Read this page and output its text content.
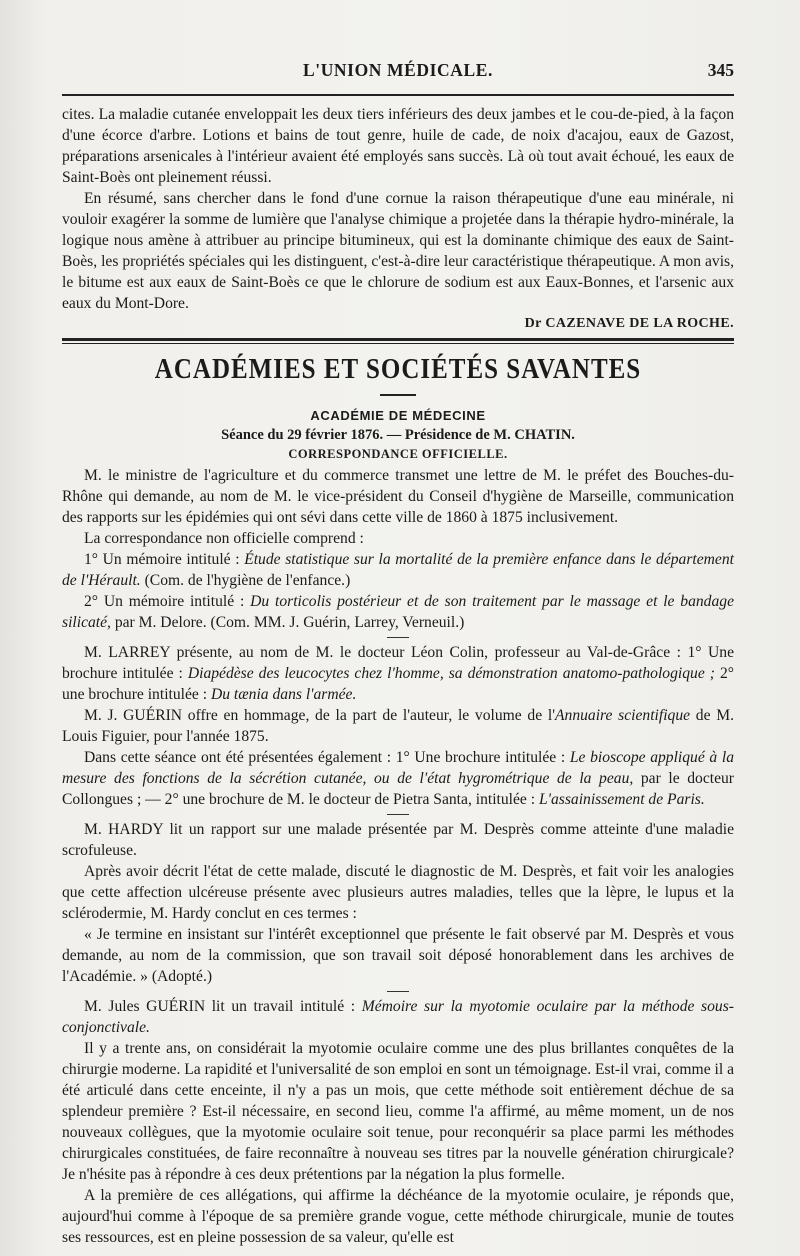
L'UNION MÉDICALE.	345

cites. La maladie cutanée enveloppait les deux tiers inférieurs des deux jambes et le cou-de-pied, à la façon d'une écorce d'arbre. Lotions et bains de tout genre, huile de cade, de noix d'acajou, eaux de Gazost, préparations arsenicales à l'intérieur avaient été employés sans succès. Là où tout avait échoué, les eaux de Saint-Boès ont pleinement réussi.

En résumé, sans chercher dans le fond d'une cornue la raison thérapeutique d'une eau minérale, ni vouloir exagérer la somme de lumière que l'analyse chimique a projetée dans la thérapie hydro-minérale, la logique nous amène à attribuer au principe bitumineux, qui est la dominante chimique des eaux de Saint-Boès, les propriétés spéciales qui les distinguent, c'est-à-dire leur caractéristique thérapeutique. A mon avis, le bitume est aux eaux de Saint-Boès ce que le chlorure de sodium est aux Eaux-Bonnes, et l'arsenic aux eaux du Mont-Dore.

Dr CAZENAVE DE LA ROCHE.
ACADÉMIES ET SOCIÉTÉS SAVANTES
ACADÉMIE DE MÉDECINE
Séance du 29 février 1876. — Présidence de M. CHATIN.
CORRESPONDANCE OFFICIELLE.

M. le ministre de l'agriculture et du commerce transmet une lettre de M. le préfet des Bouches-du-Rhône qui demande, au nom de M. le vice-président du Conseil d'hygiène de Marseille, communication des rapports sur les épidémies qui ont sévi dans cette ville de 1860 à 1875 inclusivement.

La correspondance non officielle comprend :

1° Un mémoire intitulé : Étude statistique sur la mortalité de la première enfance dans le département de l'Hérault. (Com. de l'hygiène de l'enfance.)

2° Un mémoire intitulé : Du torticolis postérieur et de son traitement par le massage et le bandage silicaté, par M. Delore. (Com. MM. J. Guérin, Larrey, Verneuil.)

M. LARREY présente, au nom de M. le docteur Léon Colin, professeur au Val-de-Grâce : 1° Une brochure intitulée : Diapédèse des leucocytes chez l'homme, sa démonstration anatomo-pathologique ; 2° une brochure intitulée : Du tænia dans l'armée.

M. J. GUÉRIN offre en hommage, de la part de l'auteur, le volume de l'Annuaire scientifique de M. Louis Figuier, pour l'année 1875.

Dans cette séance ont été présentées également : 1° Une brochure intitulée : Le bioscope appliqué à la mesure des fonctions de la sécrétion cutanée, ou de l'état hygrométrique de la peau, par le docteur Collongues ; — 2° une brochure de M. le docteur de Pietra Santa, intitulée : L'assainissement de Paris.

M. HARDY lit un rapport sur une malade présentée par M. Desprès comme atteinte d'une maladie scrofuleuse.

Après avoir décrit l'état de cette malade, discuté le diagnostic de M. Desprès, et fait voir les analogies que cette affection ulcéreuse présente avec plusieurs autres maladies, telles que la lèpre, le lupus et la sclérodermie, M. Hardy conclut en ces termes :

« Je termine en insistant sur l'intérêt exceptionnel que présente le fait observé par M. Desprès et vous demande, au nom de la commission, que son travail soit déposé honorablement dans les archives de l'Académie. » (Adopté.)

M. Jules GUÉRIN lit un travail intitulé : Mémoire sur la myotomie oculaire par la méthode sous-conjonctivale.

Il y a trente ans, on considérait la myotomie oculaire comme une des plus brillantes conquêtes de la chirurgie moderne. La rapidité et l'universalité de son emploi en sont un témoignage. Est-il vrai, comme il a été articulé dans cette enceinte, il n'y a pas un mois, que cette méthode soit entièrement déchue de sa splendeur première ? Est-il nécessaire, en second lieu, comme l'a affirmé, au même moment, un de nos nouveaux collègues, que la myotomie oculaire soit tenue, pour reconquérir sa place parmi les méthodes chirurgicales constituées, de faire reconnaître à nouveau ses titres par la nouvelle génération chirurgicale? Je n'hésite pas à répondre à ces deux prétentions par la négation la plus formelle.

A la première de ces allégations, qui affirme la déchéance de la myotomie oculaire, je réponds que, aujourd'hui comme à l'époque de sa première grande vogue, cette méthode chirurgicale, munie de toutes ses ressources, est en pleine possession de sa valeur, qu'elle est
